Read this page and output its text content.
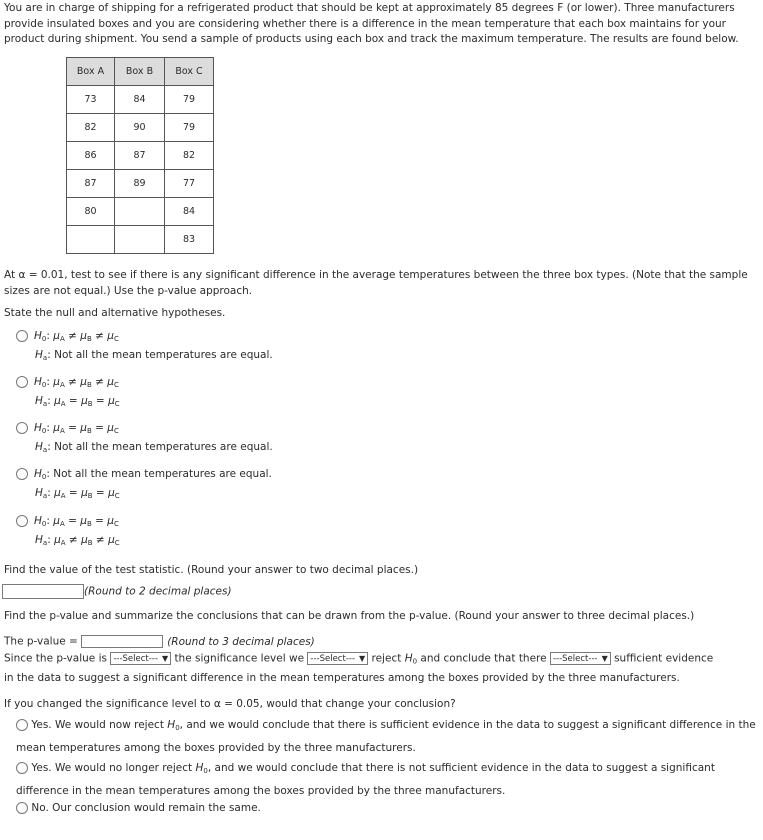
You are in charge of shipping for a refrigerated product that should be kept at approximately 85 degrees F (or lower). Three manufacturers provide insulated boxes and you are considering whether there is a difference in the mean temperature that each box maintains for your product during shipment. You send a sample of products using each box and track the maximum temperature. The results are found below.
Box A	Box B	Box C
73	84	79
82	90	79
86	87	82
87	89	77
80		84
		83
At α = 0.01, test to see if there is any significant difference in the average temperatures between the three box types. (Note that the sample sizes are not equal.) Use the p-value approach.
State the null and alternative hypotheses.
$H_0$: $\mu_A \ne \mu_B \ne \mu_C$
$H_a$: Not all the mean temperatures are equal.
$H_0$: $\mu_A \ne \mu_B \ne \mu_C$
$H_a$: $\mu_A = \mu_B = \mu_C$
$H_0$: $\mu_A = \mu_B = \mu_C$
$H_a$: Not all the mean temperatures are equal.
$H_0$: Not all the mean temperatures are equal.
$H_a$: $\mu_A = \mu_B = \mu_C$
$H_0$: $\mu_A = \mu_B = \mu_C$
$H_a$: $\mu_A \ne \mu_B \ne \mu_C$
Find the value of the test statistic. (Round your answer to two decimal places.)
(Round to 2 decimal places)
Find the p-value and summarize the conclusions that can be drawn from the p-value. (Round your answer to three decimal places.)
The p-value =	(Round to 3 decimal places)
Since the p-value is ---Select--- ▼ the significance level we ---Select--- ▼ reject $H_0$ and conclude that there ---Select--- ▼ sufficient evidence
in the data to suggest a significant difference in the mean temperatures among the boxes provided by the three manufacturers.
If you changed the significance level to α = 0.05, would that change your conclusion?
Yes. We would now reject $H_0$, and we would conclude that there is sufficient evidence in the data to suggest a significant difference in the mean temperatures among the boxes provided by the three manufacturers.
Yes. We would no longer reject $H_0$, and we would conclude that there is not sufficient evidence in the data to suggest a significant difference in the mean temperatures among the boxes provided by the three manufacturers.
No. Our conclusion would remain the same.
